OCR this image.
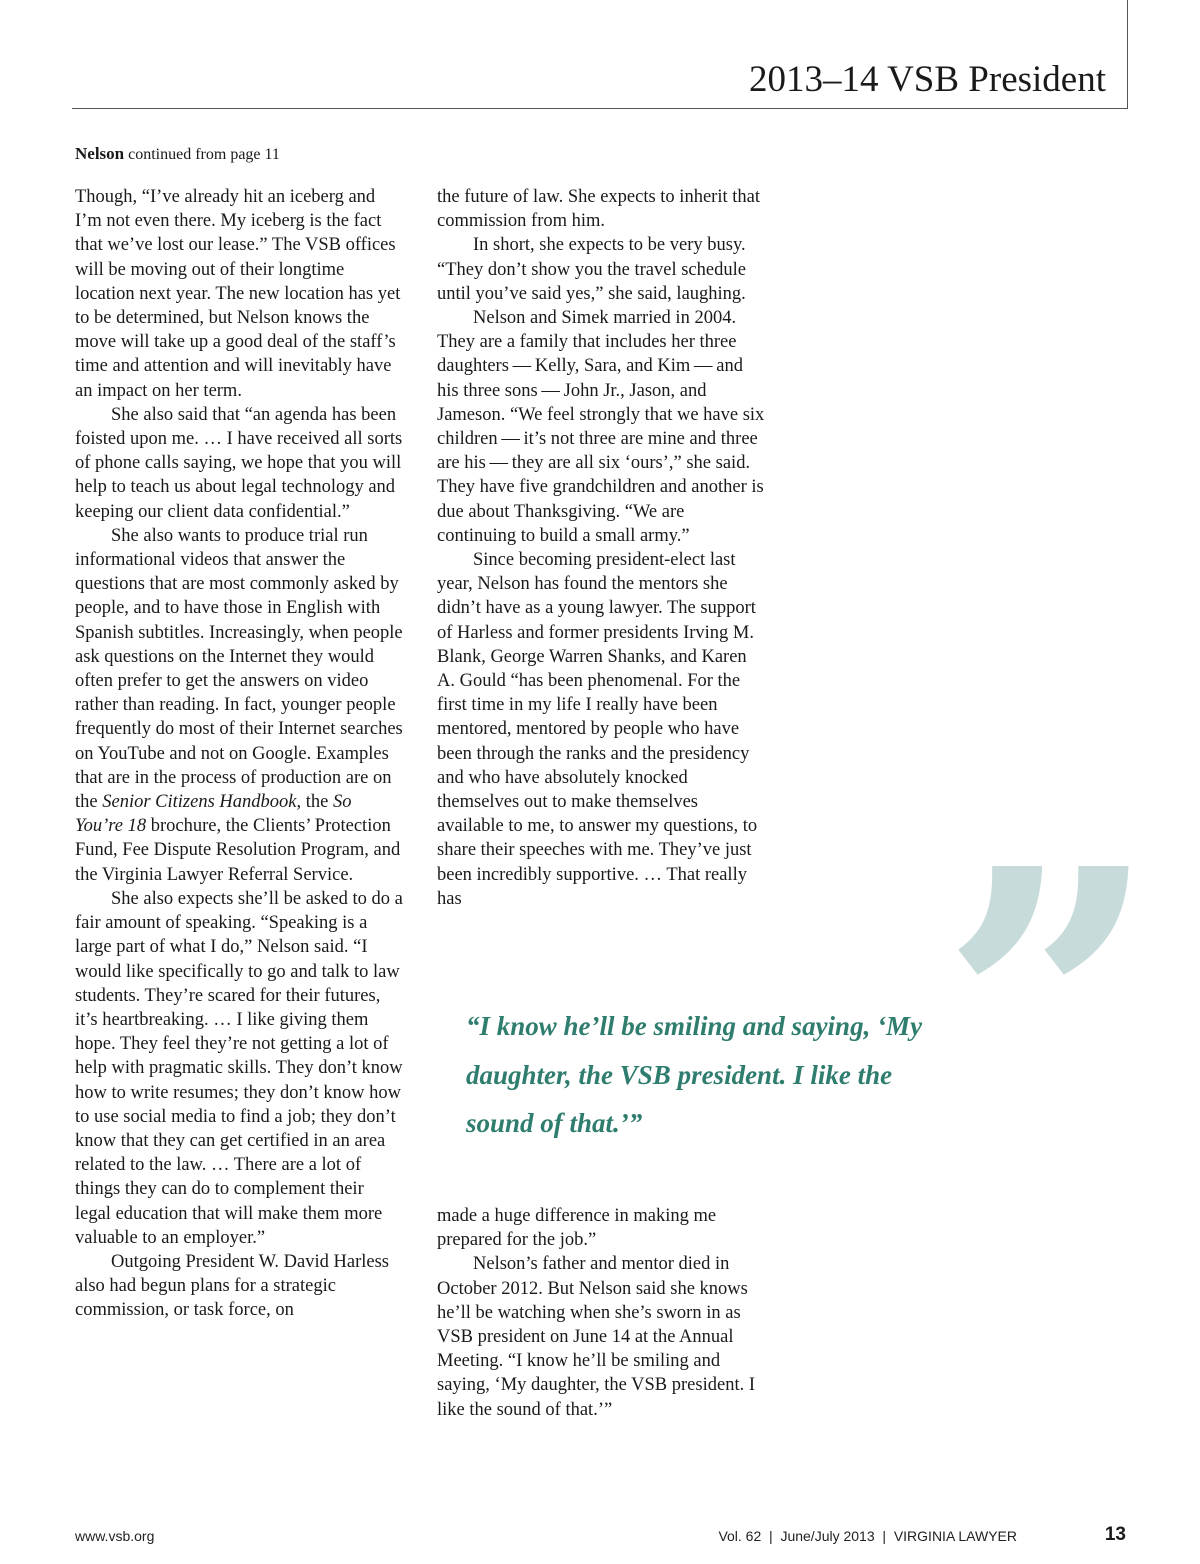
2013–14 VSB President
Nelson continued from page 11

Though, “I’ve already hit an iceberg and I’m not even there. My iceberg is the fact that we’ve lost our lease.” The VSB offices will be moving out of their longtime location next year. The new location has yet to be determined, but Nelson knows the move will take up a good deal of the staff’s time and attention and will inevitably have an impact on her term.

She also said that “an agenda has been foisted upon me. … I have received all sorts of phone calls saying, we hope that you will help to teach us about legal technology and keeping our client data confidential.”

She also wants to produce trial run informational videos that answer the questions that are most commonly asked by people, and to have those in English with Spanish subtitles. Increasingly, when people ask questions on the Internet they would often prefer to get the answers on video rather than reading. In fact, younger people frequently do most of their Internet searches on YouTube and not on Google. Examples that are in the process of production are on the Senior Citizens Handbook, the So You’re 18 brochure, the Clients’ Protection Fund, Fee Dispute Resolution Program, and the Virginia Lawyer Referral Service.

She also expects she’ll be asked to do a fair amount of speaking. “Speaking is a large part of what I do,” Nelson said. “I would like specifically to go and talk to law students. They’re scared for their futures, it’s heartbreaking. … I like giving them hope. They feel they’re not getting a lot of help with pragmatic skills. They don’t know how to write resumes; they don’t know how to use social media to find a job; they don’t know that they can get certified in an area related to the law. … There are a lot of things they can do to complement their legal education that will make them more valuable to an employer.”

Outgoing President W. David Harless also had begun plans for a strategic commission, or task force, on

the future of law. She expects to inherit that commission from him.

In short, she expects to be very busy. “They don’t show you the travel schedule until you’ve said yes,” she said, laughing.

Nelson and Simek married in 2004. They are a family that includes her three daughters — Kelly, Sara, and Kim — and his three sons — John Jr., Jason, and Jameson. “We feel strongly that we have six children — it’s not three are mine and three are his — they are all six ‘ours’,” she said. They have five grandchildren and another is due about Thanksgiving. “We are continuing to build a small army.”

Since becoming president-elect last year, Nelson has found the mentors she didn’t have as a young lawyer. The support of Harless and former presidents Irving M. Blank, George Warren Shanks, and Karen A. Gould “has been phenomenal. For the first time in my life I really have been mentored, mentored by people who have been through the ranks and the presidency and who have absolutely knocked themselves out to make themselves available to me, to answer my questions, to share their speeches with me. They’ve just been incredibly supportive. … That really has	”
“I know he’ll be smiling and saying, ‘My daughter, the VSB president. I like the sound of that.’”

made a huge difference in making me prepared for the job.”

Nelson’s father and mentor died in October 2012. But Nelson said she knows he’ll be watching when she’s sworn in as VSB president on June 14 at the Annual Meeting. “I know he’ll be smiling and saying, ‘My daughter, the VSB president. I like the sound of that.’”

www.vsb.org	Vol. 62  |  June/July 2013  |  VIRGINIA LAWYER	13
